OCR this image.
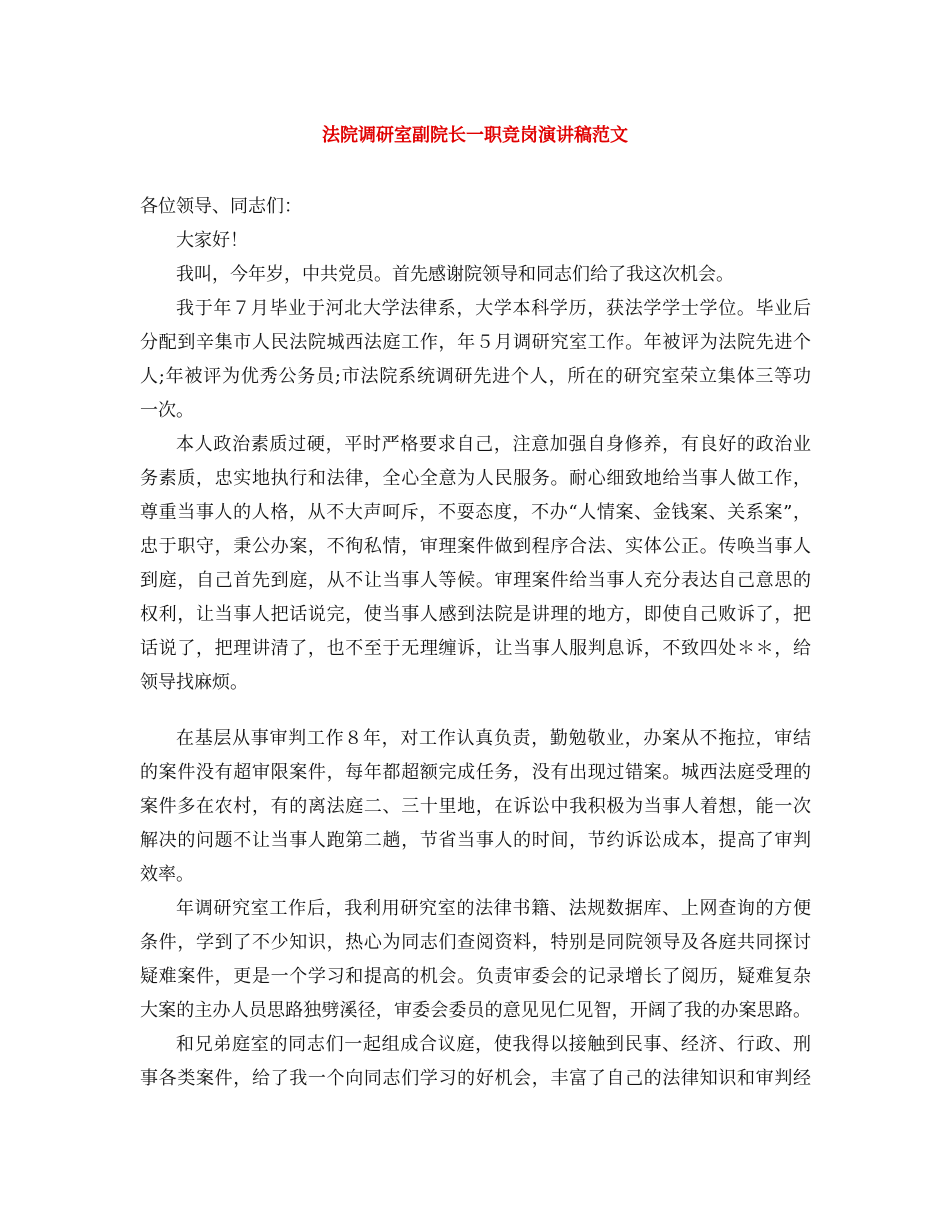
法院调研室副院长一职竞岗演讲稿范文
各位领导、同志们：
大家好！
我叫，今年岁，中共党员。首先感谢院领导和同志们给了我这次机会。
我于年７月毕业于河北大学法律系，大学本科学历，获法学学士学位。毕业后
分配到辛集市人民法院城西法庭工作，年５月调研究室工作。年被评为法院先进个
人;年被评为优秀公务员;市法院系统调研先进个人，所在的研究室荣立集体三等功
一次。
本人政治素质过硬，平时严格要求自己，注意加强自身修养，有良好的政治业
务素质，忠实地执行和法律，全心全意为人民服务。耐心细致地给当事人做工作，
尊重当事人的人格，从不大声呵斥，不耍态度，不办“人情案、金钱案、关系案”，
忠于职守，秉公办案，不徇私情，审理案件做到程序合法、实体公正。传唤当事人
到庭，自己首先到庭，从不让当事人等候。审理案件给当事人充分表达自己意思的
权利，让当事人把话说完，使当事人感到法院是讲理的地方，即使自己败诉了，把
话说了，把理讲清了，也不至于无理缠诉，让当事人服判息诉，不致四处＊＊，给
领导找麻烦。
在基层从事审判工作８年，对工作认真负责，勤勉敬业，办案从不拖拉，审结
的案件没有超审限案件，每年都超额完成任务，没有出现过错案。城西法庭受理的
案件多在农村，有的离法庭二、三十里地，在诉讼中我积极为当事人着想，能一次
解决的问题不让当事人跑第二趟，节省当事人的时间，节约诉讼成本，提高了审判
效率。
年调研究室工作后，我利用研究室的法律书籍、法规数据库、上网查询的方便
条件，学到了不少知识，热心为同志们查阅资料，特别是同院领导及各庭共同探讨
疑难案件，更是一个学习和提高的机会。负责审委会的记录增长了阅历，疑难复杂
大案的主办人员思路独劈溪径，审委会委员的意见见仁见智，开阔了我的办案思路。
和兄弟庭室的同志们一起组成合议庭，使我得以接触到民事、经济、行政、刑
事各类案件，给了我一个向同志们学习的好机会，丰富了自己的法律知识和审判经
